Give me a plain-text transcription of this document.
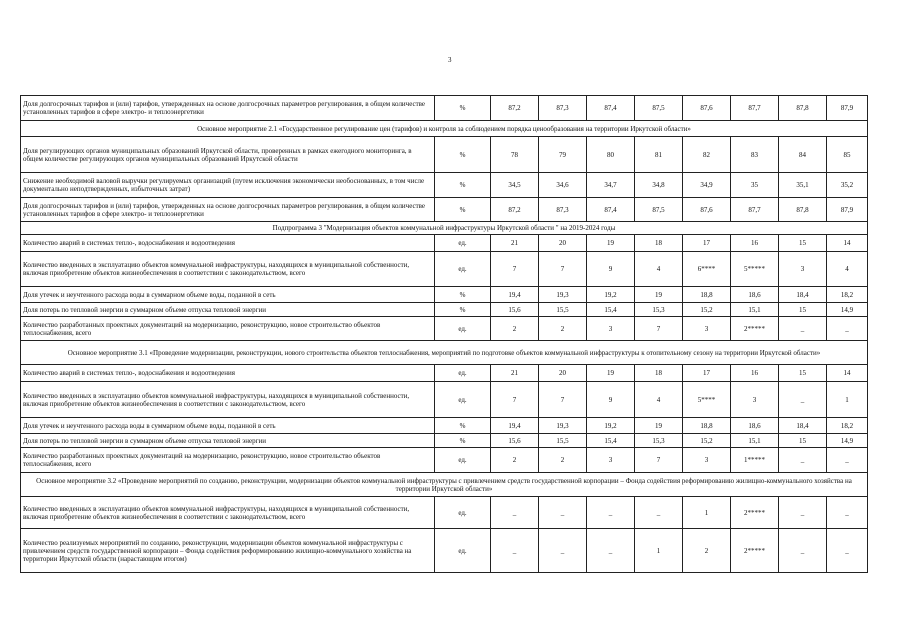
3
Доля долгосрочных тарифов и (или) тарифов, утвержденных на основе долгосрочных параметров регулирования, в общем количестве установленных тарифов в сфере электро- и теплоэнергетики	%	87,2	87,3	87,4	87,5	87,6	87,7	87,8	87,9
Основное мероприятие 2.1 «Государственное регулирование цен (тарифов) и контроля за соблюдением порядка ценообразования на территории Иркутской области»									
Доля регулирующих органов муниципальных образований Иркутской области, проверенных в рамках ежегодного мониторинга, в общем количестве регулирующих органов муниципальных образований Иркутской области	%	78	79	80	81	82	83	84	85
Снижение необходимой валовой выручки регулируемых организаций (путем исключения экономически необоснованных, в том числе документально неподтвержденных, избыточных затрат)	%	34,5	34,6	34,7	34,8	34,9	35	35,1	35,2
Доля долгосрочных тарифов и (или) тарифов, утвержденных на основе долгосрочных параметров регулирования, в общем количестве установленных тарифов в сфере электро- и теплоэнергетики	%	87,2	87,3	87,4	87,5	87,6	87,7	87,8	87,9
Подпрограмма 3 "Модернизация объектов коммунальной инфраструктуры Иркутской области " на 2019-2024 годы									
Количество аварий в системах тепло-, водоснабжения и водоотведения	ед.	21	20	19	18	17	16	15	14
Количество введенных в эксплуатацию объектов коммунальной инфраструктуры, находящихся в муниципальной собственности, включая приобретение объектов жизнеобеспечения в соответствии с законодательством, всего	ед.	7	7	9	4	6****	5*****	3	4
Доля утечек и неучтенного расхода воды в суммарном объеме воды, поданной в сеть	%	19,4	19,3	19,2	19	18,8	18,6	18,4	18,2
Доля потерь по тепловой энергии в суммарном объеме отпуска тепловой энергии	%	15,6	15,5	15,4	15,3	15,2	15,1	15	14,9
Количество разработанных проектных документаций на модернизацию, реконструкцию, новое строительство объектов теплоснабжения, всего	ед.	2	2	3	7	3	2*****	_	_
Основное мероприятие 3.1 «Проведение модернизации, реконструкции, нового строительства объектов теплоснабжения, мероприятий по подготовке объектов коммунальной инфраструктуры к отопительному сезону на территории Иркутской области»									
Количество аварий в системах тепло-, водоснабжения и водоотведения	ед.	21	20	19	18	17	16	15	14
Количество введенных в эксплуатацию объектов коммунальной инфраструктуры, находящихся в муниципальной собственности, включая приобретение объектов жизнеобеспечения в соответствии с законодательством, всего	ед.	7	7	9	4	5****	3	_	1
Доля утечек и неучтенного расхода воды в суммарном объеме воды, поданной в сеть	%	19,4	19,3	19,2	19	18,8	18,6	18,4	18,2
Доля потерь по тепловой энергии в суммарном объеме отпуска тепловой энергии	%	15,6	15,5	15,4	15,3	15,2	15,1	15	14,9
Количество разработанных проектных документаций на модернизацию, реконструкцию, новое строительство объектов теплоснабжения, всего	ед.	2	2	3	7	3	1*****	_	_
Основное мероприятие 3.2 «Проведение мероприятий по созданию, реконструкции, модернизации объектов коммунальной инфраструктуры с привлечением средств государственной корпорации – Фонда содействия реформированию жилищно-коммунального хозяйства на территории Иркутской области»									
Количество введенных в эксплуатацию объектов коммунальной инфраструктуры, находящихся в муниципальной собственности, включая приобретение объектов жизнеобеспечения в соответствии с законодательством, всего	ед.	_	_	_	_	1	2*****	_	_
Количество реализуемых мероприятий по созданию, реконструкции, модернизации объектов коммунальной инфраструктуры с привлечением средств государственной корпорации – Фонда содействия реформированию жилищно-коммунального хозяйства на территории Иркутской области (нарастающим итогом)	ед.	_	_	_	1	2	2*****	_	_
